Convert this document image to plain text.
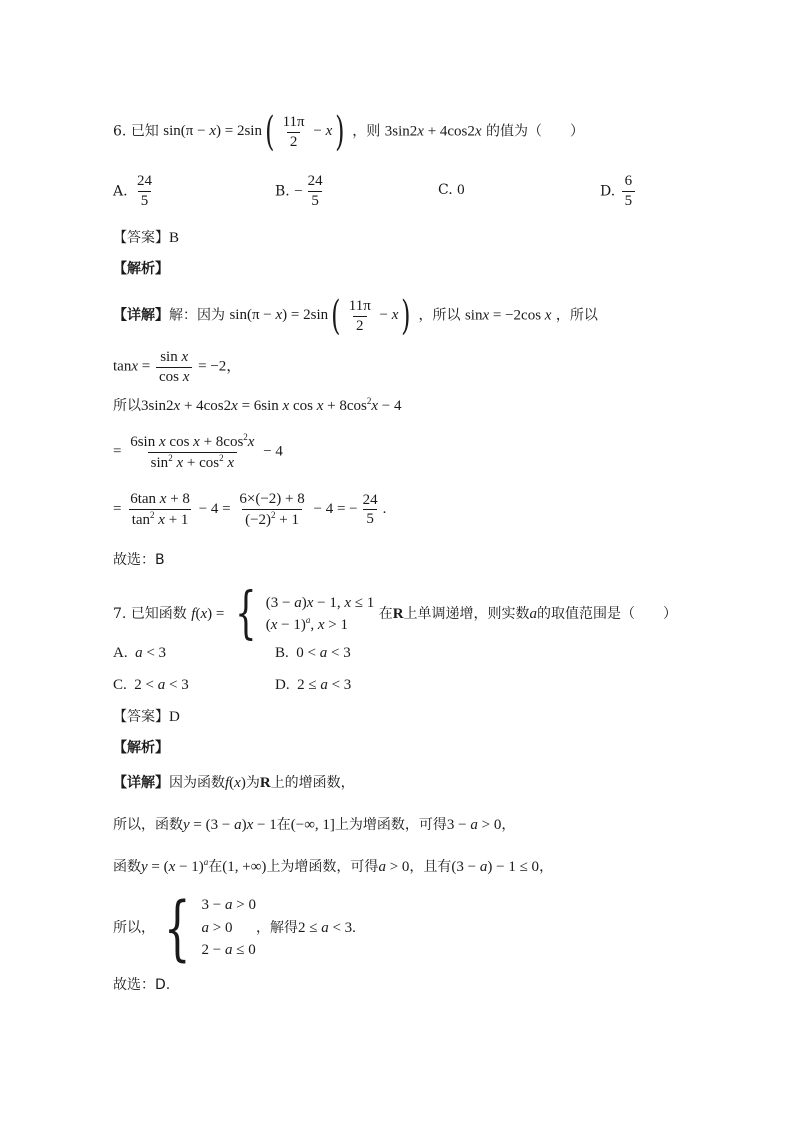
6. 已知 $\sin(\pi - x) = 2\sin( \frac{11\pi}{2} - x)$ ，则 3sin2x + 4cos2x 的值为（　　）
A. $\frac{24}{5}$	B. − $\frac{24}{5}$	C. 0	D. $\frac{6}{5}$
【答案】B
【解析】
【详解】解：因为 $\sin(\pi - x) = 2\sin( \frac{11\pi}{2} - x)$ ，所以 sinx = −2cos x ，所以
$\tan x = \frac{\text{sin x}}{\text{cos x}} = -2$，
所以3sin2x + 4cos2x = 6sin x $\cos x + 8\cos^2x - 4$
= $\frac{6\sin x \cos x + 8\cos^2x}{\sin^2 x + \cos^2 x} - 4$
= $\frac{\text{6tan x + 8}}{\tan^2 x + 1} - 4 = \frac{6\times(-2) + 8}{(-2)^2 + 1} - 4$ = − $\frac{24}{5}$ .
故选：B
7. 已知函数 f(x) = { (3 − a)x − 1, x ≤ 1
$(x - 1)^a$, x > 1
在R上单调递增，则实数a的取值范围是（　　）
A. a < 3	B.  0 < a < 3
C.  2 < a < 3	D.  2 ≤ a < 3
【答案】D
【解析】
【详解】因为函数f(x)为R上的增函数，
所以，函数y = (3 − a)x − 1在(−∞, 1]上为增函数，可得3 − a > 0，
函数$y = (x - 1)^a$在(1, +∞)上为增函数，可得a > 0，且有(3 − a) − 1 ≤ 0，
所以， { 3 − a > 0
a > 0
2 − a ≤ 0
，解得2 ≤ a < 3.
故选：D.
